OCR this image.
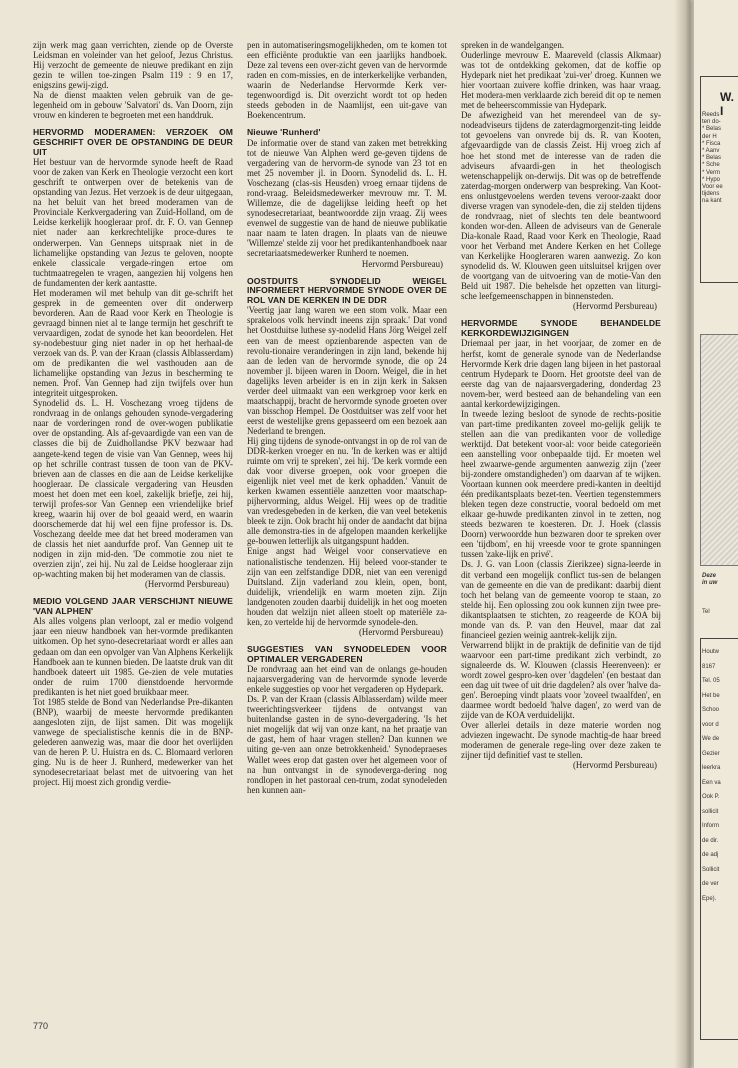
zijn werk mag gaan verrichten, ziende op de Overste Leidsman en voleinder van het geloof, Jezus Christus. Hij verzocht de gemeente de nieuwe predikant en zijn gezin te willen toe-zingen Psalm 119 : 9 en 17, enigszins gewij-zigd.

Na de dienst maakten velen gebruik van de ge-legenheid om in gebouw 'Salvatori' ds. Van Doorn, zijn vrouw en kinderen te begroeten met een handdruk.

HERVORMD MODERAMEN: VERZOEK OM GESCHRIFT OVER DE OPSTANDING DE DEUR UIT

Het bestuur van de hervormde synode heeft de Raad voor de zaken van Kerk en Theologie verzocht een kort geschrift te ontwerpen over de betekenis van de opstanding van Jezus. Het verzoek is de deur uitgegaan, na het beluit van het breed moderamen van de Provinciale Kerkvergadering van Zuid-Holland, om de Leidse kerkelijk hoogleraar prof. dr. F. O. van Gennep niet nader aan kerkrechtelijke proce-dures te onderwerpen. Van Genneps uitspraak niet in de lichamelijke opstanding van Jezus te geloven, noopte enkele classicale vergade-ringen ertoe om tuchtmaatregelen te vragen, aangezien hij volgens hen de fundamenten der kerk aantastte.

Het moderamen wil met behulp van dit ge-schrift het gesprek in de gemeenten over dit onderwerp bevorderen. Aan de Raad voor Kerk en Theologie is gevraagd binnen niet al te lange termijn het geschrift te vervaardigen, zodat de synode het kan beoordelen. Het sy-nodebestuur ging niet nader in op het herhaal-de verzoek van ds. P. van der Kraan (classis Alblasserdam) om de predikanten die wel vasthouden aan de lichamelijke opstanding van Jezus in bescherming te nemen. Prof. Van Gennep had zijn twijfels over hun integriteit uitgesproken.

Synodelid ds. L. H. Voschezang vroeg tijdens de rondvraag in de onlangs gehouden synode-vergadering naar de vorderingen rond de over-wogen publikatie over de opstanding. Als af-gevaardigde van een van de classes die bij de Zuidhollandse PKV bezwaar had aangete-kend tegen de visie van Van Gennep, wees hij op het schrille contrast tussen de toon van de PKV-brieven aan de classes en die aan de Leidse kerkelijke hoogleraar. De classicale vergadering van Heusden moest het doen met een koel, zakelijk briefje, zei hij, terwijl profes-sor Van Gennep een vriendelijke brief kreeg, waarin hij over de bol geaaid werd, en waarin doorschemerde dat hij wel een fijne professor is. Ds. Voschezang deelde mee dat het breed moderamen van de classis het niet aandurfde prof. Van Gennep uit te nodigen in zijn mid-den. 'De commotie zou niet te overzien zijn', zei hij. Nu zal de Leidse hoogleraar zijn op-wachting maken bij het moderamen van de classis.

(Hervormd Persbureau)

MEDIO VOLGEND JAAR VERSCHIJNT NIEUWE 'VAN ALPHEN'

Als alles volgens plan verloopt, zal er medio volgend jaar een nieuw handboek van her-vormde predikanten uitkomen. Op het syno-desecretariaat wordt er alles aan gedaan om dan een opvolger van Van Alphens Kerkelijk Handboek aan te kunnen bieden. De laatste druk van dit handboek dateert uit 1985. Ge-zien de vele mutaties onder de ruim 1700 dienstdoende hervormde predikanten is het niet goed bruikbaar meer.

Tot 1985 stelde de Bond van Nederlandse Pre-dikanten (BNP), waarbij de meeste hervormde predikanten aangesloten zijn, de lijst samen. Dit was mogelijk vanwege de specialistische kennis die in de BNP-gelederen aanwezig was, maar die door het overlijden van de heren P. U. Huistra en ds. C. Blomaard verloren ging. Nu is de heer J. Runherd, medewerker van het synodesecretariaat belast met de uitvoering van het project. Hij moest zich grondig verdie-

pen in automatiseringsmogelijkheden, om te komen tot een efficiënte produktie van een jaarlijks handboek. Deze zal tevens een over-zicht geven van de hervormde raden en com-missies, en de interkerkelijke verbanden, waarin de Nederlandse Hervormde Kerk ver-tegenwoordigd is. Dit overzicht wordt tot op heden steeds geboden in de Naamlijst, een uit-gave van Boekencentrum.

Nieuwe 'Runherd'

De informatie over de stand van zaken met betrekking tot de nieuwe Van Alphen werd ge-geven tijdens de vergadering van de hervorm-de synode van 23 tot en met 25 november jl. in Doorn. Synodelid ds. L. H. Voschezang (clas-sis Heusden) vroeg ernaar tijdens de rond-vraag. Beleidsmedewerker mevrouw mr. T. M. Willemze, die de dagelijkse leiding heeft op het synodesecretariaat, beantwoordde zijn vraag. Zij wees evenwel de suggestie van de hand de nieuwe publikatie naar naam te laten dragen. In plaats van de nieuwe 'Willemze' stelde zij voor het predikantenhandboek naar secretariaatsmedewerker Runherd te noemen.

Hervormd Persbureau)

OOSTDUITS SYNODELID WEIGEL INFORMEERT HERVORMDE SYNODE OVER DE ROL VAN DE KERKEN IN DE DDR

'Veertig jaar lang waren we een stom volk. Maar een sprakeloos volk hervindt ineens zijn spraak.' Dat vond het Oostduitse luthese sy-nodelid Hans Jörg Weigel zelf een van de meest opzienbarende aspecten van de revolu-tionaire veranderingen in zijn land, bekende hij aan de leden van de hervormde synode, die op 24 november jl. bijeen waren in Doorn. Weigel, die in het dagelijks leven arbeider is en in zijn kerk in Saksen verder deel uitmaakt van een werkgroep voor kerk en maatschappij, bracht de hervormde synode groeten over van bisschop Hempel. De Oostduitser was zelf voor het eerst de westelijke grens gepasseerd om een bezoek aan Nederland te brengen.

Hij ging tijdens de synode-ontvangst in op de rol van de DDR-kerken vroeger en nu. 'In de kerken was er altijd ruimte om vrij te spreken', zei hij. 'De kerk vormde een dak voor diverse groepen, ook voor groepen die eigenlijk niet veel met de kerk ophadden.' Vanuit de kerken kwamen essentiële aanzetten voor maatschap-pijhervorming, aldus Weigel. Hij wees op de traditie van vredesgebeden in de kerken, die van veel betekenis bleek te zijn. Ook bracht hij onder de aandacht dat bijna alle demonstra-ties in de afgelopen maanden kerkelijke ge-bouwen letterlijk als uitgangspunt hadden.

Enige angst had Weigel voor conservatieve en nationalistische tendenzen. Hij beleed voor-stander te zijn van een zelfstandige DDR, niet van een verenigd Duitsland. Zijn vaderland zou klein, open, bont, duidelijk, vriendelijk en warm moeten zijn. Zijn landgenoten zouden daarbij duidelijk in het oog moeten houden dat welzijn niet alleen stoelt op materiële za-ken, zo vertelde hij de hervormde synodele-den.

(Hervormd Persbureau)

SUGGESTIES VAN SYNODELEDEN VOOR OPTIMALER VERGADEREN

De rondvraag aan het eind van de onlangs ge-houden najaarsvergadering van de hervormde synode leverde enkele suggesties op voor het vergaderen op Hydepark.

Ds. P. van der Kraan (classis Alblasserdam) wilde meer tweerichtingsverkeer tijdens de ontvangst van buitenlandse gasten in de syno-devergadering. 'Is het niet mogelijk dat wij van onze kant, na het praatje van de gast, hem of haar vragen stellen? Dan kunnen we uiting ge-ven aan onze betrokkenheid.' Synodepraeses Wallet wees erop dat gasten over het algemeen voor of na hun ontvangst in de synodeverga-dering nog rondlopen in het pastoraal cen-trum, zodat synodeleden hen kunnen aan-

spreken in de wandelgangen.

Ouderlinge mevrouw E. Maareveld (classis Alkmaar) was tot de ontdekking gekomen, dat de koffie op Hydepark niet het predikaat 'zui-ver' droeg. Kunnen we hier voortaan zuivere koffie drinken, was haar vraag. Het modera-men verklaarde zich bereid dit op te nemen met de beheerscommissie van Hydepark.

De afwezigheid van het merendeel van de sy-nodeadviseurs tijdens de zaterdagmorgenzit-ting leidde tot gevoelens van onvrede bij ds. R. van Kooten, afgevaardigde van de classis Zeist. Hij vroeg zich af hoe het stond met de interesse van de raden die adviseurs afvaardi-gen in het theologisch wetenschappelijk on-derwijs. Dit was op de betreffende zaterdag-morgen onderwerp van bespreking. Van Koot-ens onlustgevoelens werden tevens veroor-zaakt door diverse vragen van synodele-den, die zij stelden tijdens de rondvraag, niet of slechts ten dele beantwoord konden wor-den. Alleen de adviseurs van de Generale Dia-konale Raad, Raad voor Kerk en Theologie, Raad voor het Verband met Andere Kerken en het College van Kerkelijke Hoogleraren waren aanwezig. Zo kon synodelid ds. W. Klouwen geen uitsluitsel krijgen over de voortgang van de uitvoering van de motie-Van den Beld uit 1987. Die behelsde het opzetten van liturgi-sche leefgemeenschappen in binnensteden.

(Hervormd Persbureau)

HERVORMDE SYNODE BEHANDELDE KERKORDEWIJZIGINGEN

Driemaal per jaar, in het voorjaar, de zomer en de herfst, komt de generale synode van de Nederlandse Hervormde Kerk drie dagen lang bijeen in het pastoraal centrum Hydepark te Doorn. Het grootste deel van de eerste dag van de najaarsvergadering, donderdag 23 novem-ber, werd besteed aan de behandeling van een aantal kerkordewijzigingen.

In tweede lezing besloot de synode de rechts-positie van part-time predikanten zoveel mo-gelijk gelijk te stellen aan die van predikanten voor de volledige werktijd. Dat betekent voor-al: voor beide categorieën een aanstelling voor onbepaalde tijd. Er moeten wel heel zwaarwe-gende argumenten aanwezig zijn ('zeer bij-zondere omstandigheden') om daarvan af te wijken. Voortaan kunnen ook meerdere predi-kanten in deeltijd één predikantsplaats bezet-ten. Veertien tegenstemmers bleken tegen deze constructie, vooral bedoeld om met elkaar ge-huwde predikanten zinvol in te zetten, nog steeds bezwaren te koesteren. Dr. J. Hoek (classis Doorn) verwoordde hun bezwaren door te spreken over een 'tijdbom', en hij vreesde voor te grote spanningen tussen 'zake-lijk en privé'.

Ds. J. G. van Loon (classis Zierikzee) signa-leerde in dit verband een mogelijk conflict tus-sen de belangen van de gemeente en die van de predikant: daarbij dient toch het belang van de gemeente voorop te staan, zo stelde hij. Een oplossing zou ook kunnen zijn twee pre-dikantsplaatsen te stichten, zo reageerde de KOA bij monde van ds. P. van den Heuvel, maar dat zal financieel gezien weinig aantrek-kelijk zijn.

Verwarrend blijkt in de praktijk de definitie van de tijd waarvoor een part-time predikant zich verbindt, zo signaleerde ds. W. Klouwen (classis Heerenveen): er wordt zowel gespro-ken over 'dagdelen' (en bestaat dan een dag uit twee of uit drie dagdelen? als over 'halve da-gen'. Beroeping vindt plaats voor 'zoveel twaalfden', en daarmee wordt bedoeld 'halve dagen', zo werd van de zijde van de KOA verduidelijkt.

Over allerlei details in deze materie worden nog adviezen ingewacht. De synode machtig-de haar breed moderamen de generale rege-ling over deze zaken te zijner tijd definitief vast te stellen.

(Hervormd Persbureau)

770
W. I
Reeds
ten do-
* Belas
der H
* Fisca
* Aanv
* Belas
* Sche
* Verm
* Hypo
Voor ee
tijdens
na kant
Deze
in uw
Tel
Houtw
8167
Tel. 05
Het be
Schoo
voor d
We de
Gezier
leerkra
Een va
Ook P.
sollicit
Inform
de dir.
de adj
Sollicit
de ver
Epe).
